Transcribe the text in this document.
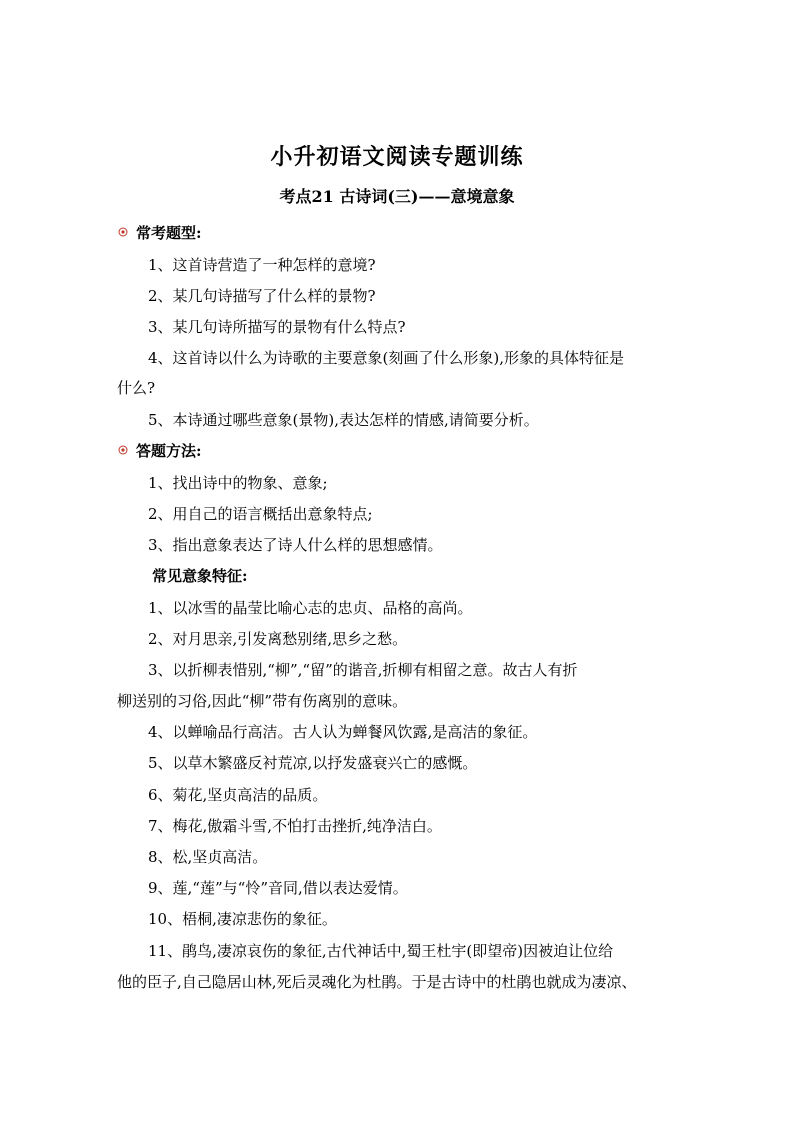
小升初语文阅读专题训练
考点21 古诗词(三)——意境意象
常考题型:
1、这首诗营造了一种怎样的意境?
2、某几句诗描写了什么样的景物?
3、某几句诗所描写的景物有什么特点?
4、这首诗以什么为诗歌的主要意象(刻画了什么形象),形象的具体特征是
什么?
5、本诗通过哪些意象(景物),表达怎样的情感,请简要分析。
答题方法:
1、找出诗中的物象、意象;
2、用自己的语言概括出意象特点;
3、指出意象表达了诗人什么样的思想感情。
常见意象特征:
1、以冰雪的晶莹比喻心志的忠贞、品格的高尚。
2、对月思亲,引发离愁别绪,思乡之愁。
3、以折柳表惜别,“柳”,“留”的谐音,折柳有相留之意。故古人有折
柳送别的习俗,因此“柳”带有伤离别的意味。
4、以蝉喻品行高洁。古人认为蝉餐风饮露,是高洁的象征。
5、以草木繁盛反衬荒凉,以抒发盛衰兴亡的感慨。
6、菊花,坚贞高洁的品质。
7、梅花,傲霜斗雪,不怕打击挫折,纯净洁白。
8、松,坚贞高洁。
9、莲,“莲”与“怜”音同,借以表达爱情。
10、梧桐,凄凉悲伤的象征。
11、鹃鸟,凄凉哀伤的象征,古代神话中,蜀王杜宇(即望帝)因被迫让位给
他的臣子,自己隐居山林,死后灵魂化为杜鹃。于是古诗中的杜鹃也就成为凄凉、
